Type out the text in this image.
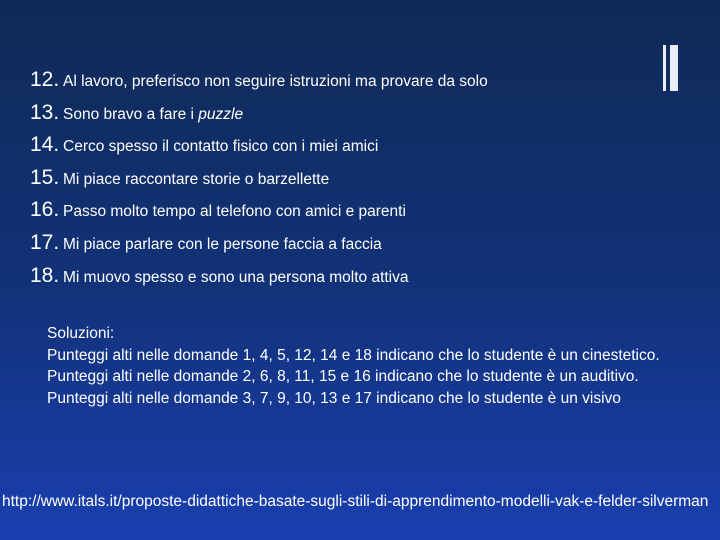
12. Al lavoro, preferisco non seguire istruzioni ma provare da solo
13. Sono bravo a fare i puzzle
14. Cerco spesso il contatto fisico con i miei amici
15. Mi piace raccontare storie o barzellette
16. Passo molto tempo al telefono con amici e parenti
17. Mi piace parlare con le persone faccia a faccia
18. Mi muovo spesso e sono una persona molto attiva
Soluzioni:
Punteggi alti nelle domande 1, 4, 5, 12, 14 e 18 indicano che lo studente è un cinestetico. Punteggi alti nelle domande 2, 6, 8, 11, 15 e 16 indicano che lo studente è un auditivo. Punteggi alti nelle domande 3, 7, 9, 10, 13 e 17 indicano che lo studente è un visivo
http://www.itals.it/proposte-didattiche-basate-sugli-stili-di-apprendimento-modelli-vak-e-felder-silverman
